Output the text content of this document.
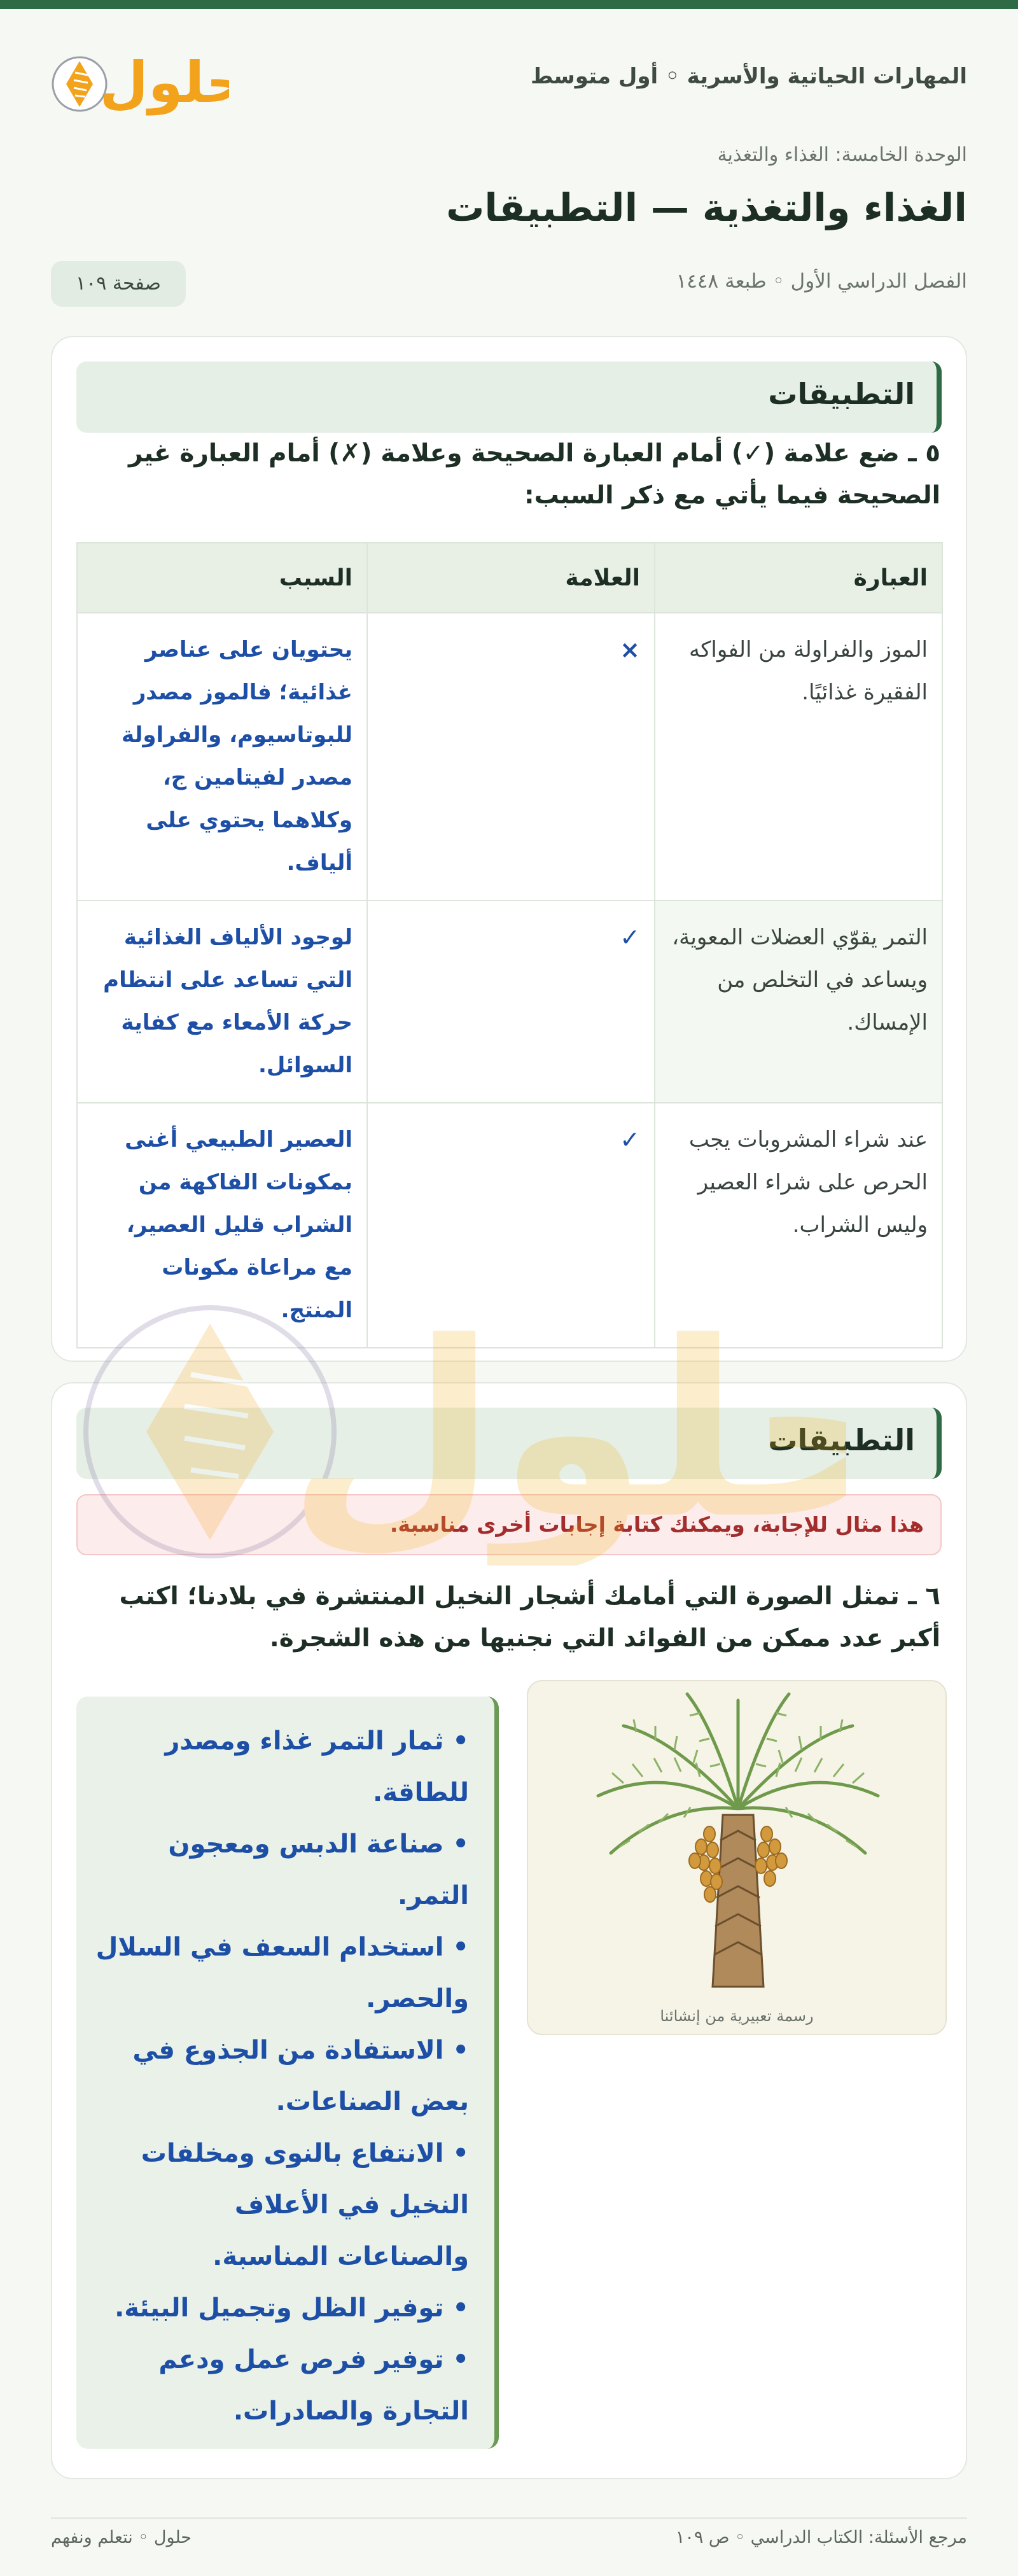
المهارات الحياتية والأسرية ◦ أول متوسط
حلول
الوحدة الخامسة: الغذاء والتغذية
الغذاء والتغذية — التطبيقات
الفصل الدراسي الأول ◦ طبعة ١٤٤٨
صفحة ١٠٩
التطبيقات
٥ ـ ضع علامة (✓) أمام العبارة الصحيحة وعلامة (✗) أمام العبارة غير الصحيحة فيما يأتي مع ذكر السبب:
العبارة	العلامة	السبب
الموز والفراولة من الفواكه الفقيرة غذائيًا.	×	يحتويان على عناصر غذائية؛ فالموز مصدر للبوتاسيوم، والفراولة مصدر لفيتامين ج، وكلاهما يحتوي على ألياف.
التمر يقوّي العضلات المعوية، ويساعد في التخلص من الإمساك.	✓	لوجود الألياف الغذائية التي تساعد على انتظام حركة الأمعاء مع كفاية السوائل.
عند شراء المشروبات يجب الحرص على شراء العصير وليس الشراب.	✓	العصير الطبيعي أغنى بمكونات الفاكهة من الشراب قليل العصير، مع مراعاة مكونات المنتج.
التطبيقات
هذا مثال للإجابة، ويمكنك كتابة إجابات أخرى مناسبة.
٦ ـ تمثل الصورة التي أمامك أشجار النخيل المنتشرة في بلادنا؛ اكتب أكبر عدد ممكن من الفوائد التي نجنيها من هذه الشجرة.
رسمة تعبيرية من إنشائنا
• ثمار التمر غذاء ومصدر للطاقة.
• صناعة الدبس ومعجون التمر.
• استخدام السعف في السلال والحصر.
• الاستفادة من الجذوع في بعض الصناعات.
• الانتفاع بالنوى ومخلفات النخيل في الأعلاف والصناعات المناسبة.
• توفير الظل وتجميل البيئة.
• توفير فرص عمل ودعم التجارة والصادرات.
حلول
مرجع الأسئلة: الكتاب الدراسي ◦ ص ١٠٩
حلول ◦ نتعلم ونفهم
